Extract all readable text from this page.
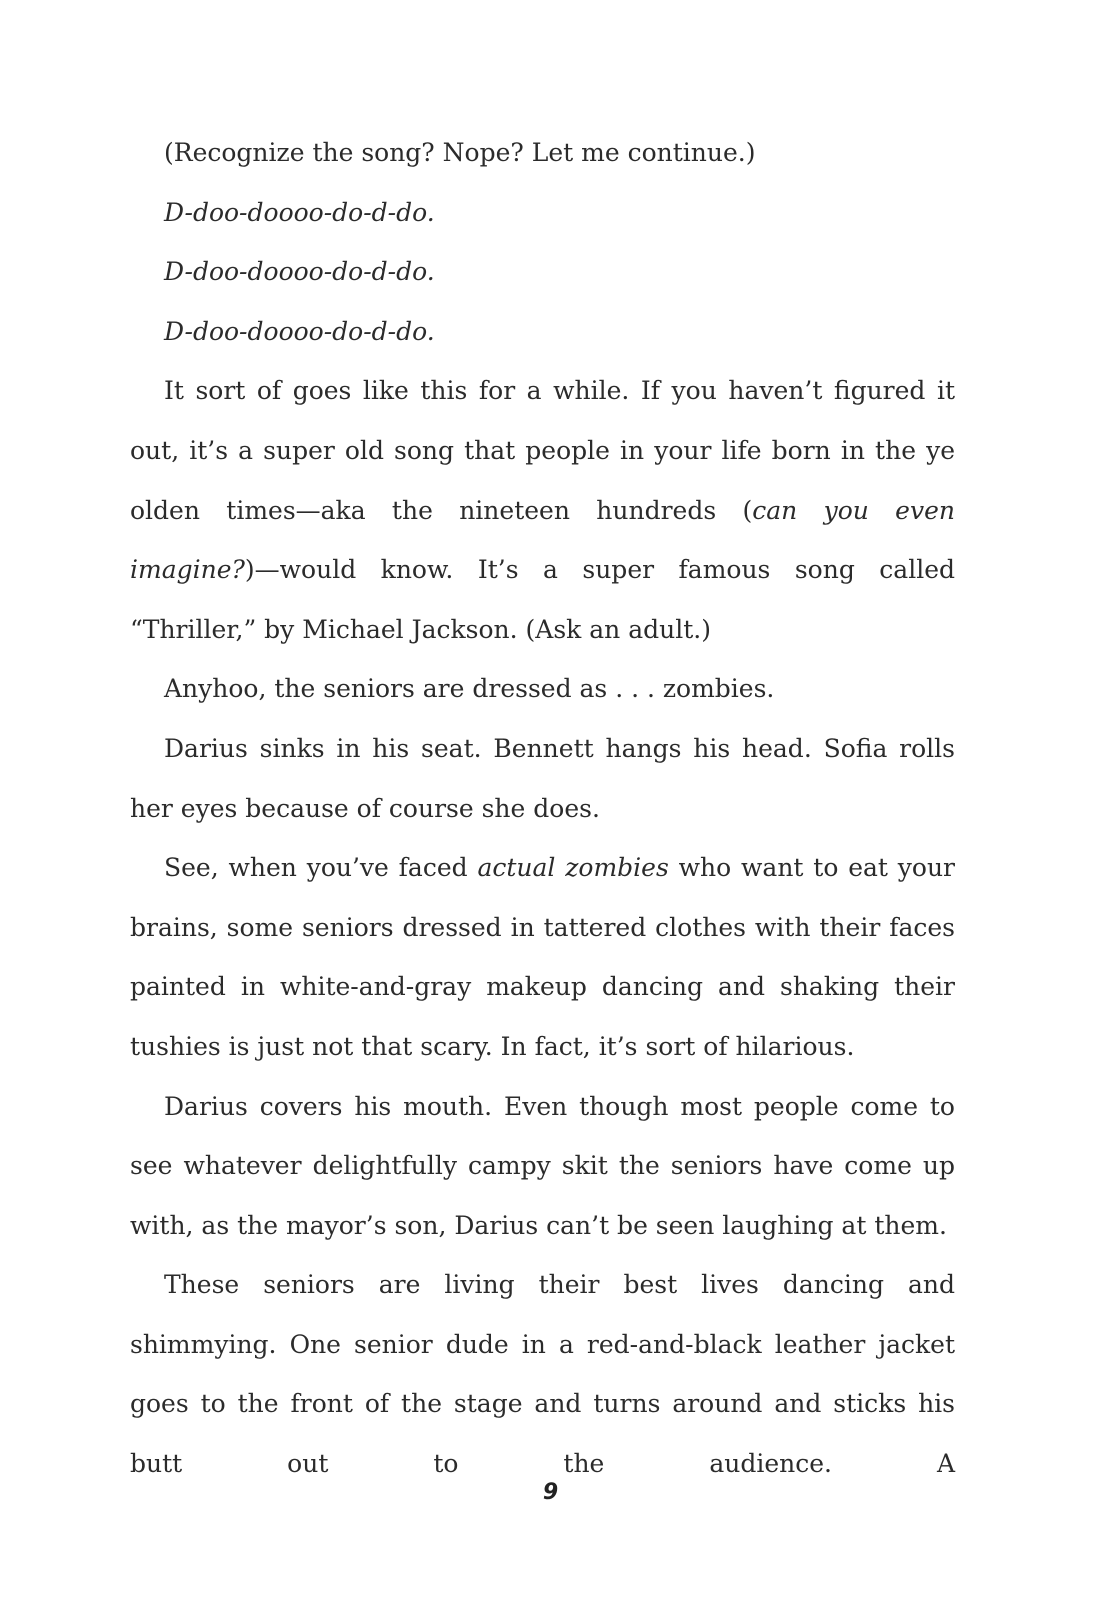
(Recognize the song? Nope? Let me continue.)

D-doo-doooo-do-d-do.

D-doo-doooo-do-d-do.

D-doo-doooo-do-d-do.

It sort of goes like this for a while. If you haven’t figured it out, it’s a super old song that people in your life born in the ye olden times—aka the nineteen hundreds (can you even imagine?)—would know. It’s a super famous song called “Thriller,” by Michael Jackson. (Ask an adult.)

Anyhoo, the seniors are dressed as . . . zombies.

Darius sinks in his seat. Bennett hangs his head. Sofia rolls her eyes because of course she does.

See, when you’ve faced actual zombies who want to eat your brains, some seniors dressed in tattered clothes with their faces painted in white-and-gray makeup dancing and shaking their tushies is just not that scary. In fact, it’s sort of hilarious.

Darius covers his mouth. Even though most people come to see whatever delightfully campy skit the seniors have come up with, as the mayor’s son, Darius can’t be seen laughing at them.

These seniors are living their best lives dancing and shimmying. One senior dude in a red-and-black leather jacket goes to the front of the stage and turns around and sticks his butt out to the audience. A

9
